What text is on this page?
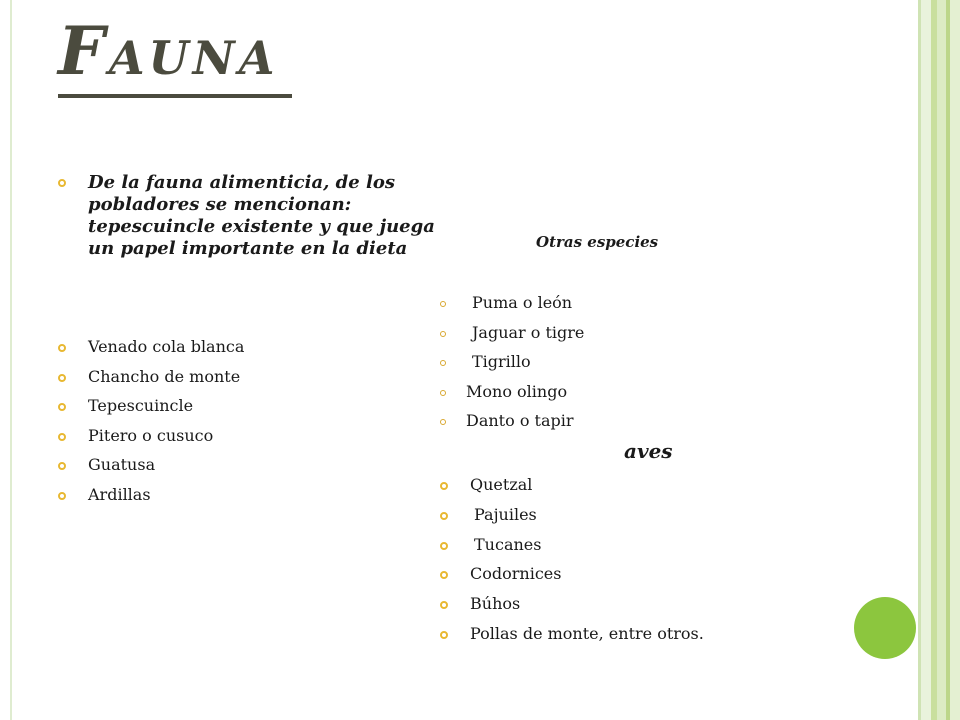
Fauna
De la fauna alimenticia, de los pobladores se mencionan: tepescuincle existente y que juega un papel importante en la dieta
Venado cola blanca
Chancho de monte
Tepescuincle
Pitero o cusuco
Guatusa
Ardillas

Otras especies

Puma o león
Jaguar o tigre
Tigrillo
Mono olingo
Danto o tapir

aves

Quetzal
Pajuiles
Tucanes
Codornices
Búhos
Pollas de monte, entre otros.
